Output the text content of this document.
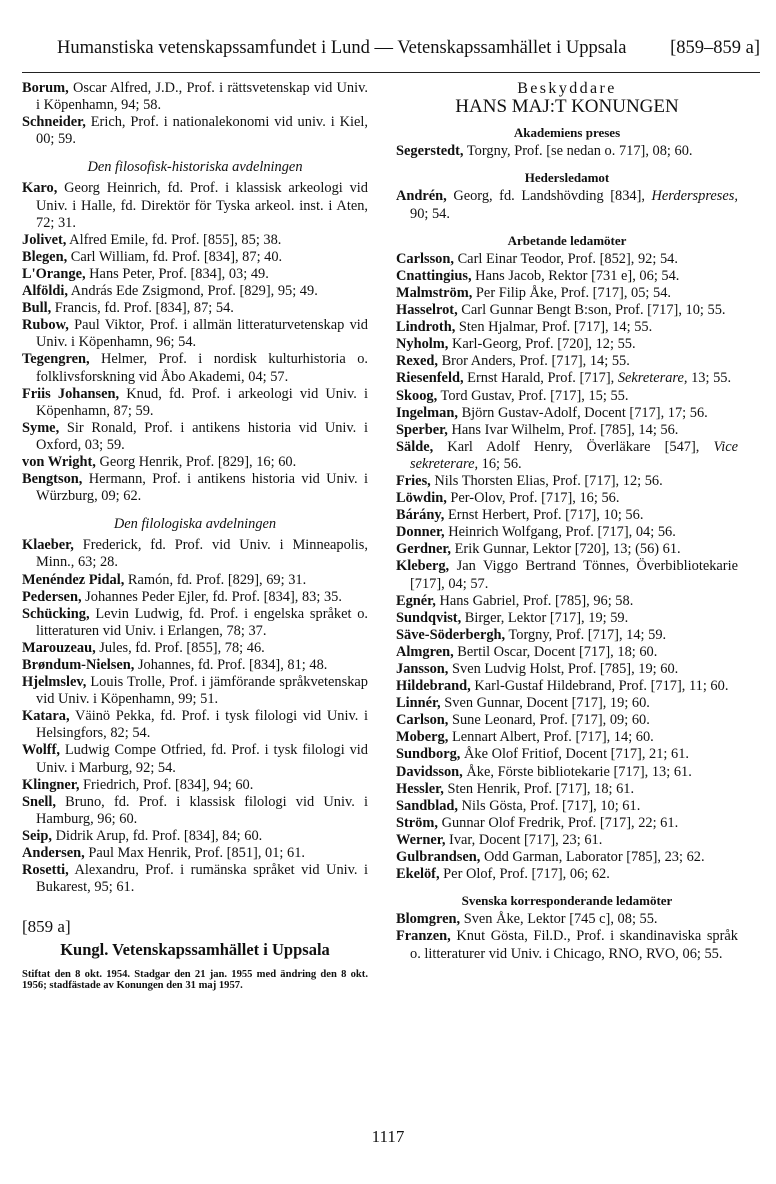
Humanstiska vetenskapssamfundet i Lund — Vetenskapssamhället i Uppsala [859–859 a]
Borum, Oscar Alfred, J.D., Prof. i rättsvetenskap vid Univ. i Köpenhamn, 94; 58.
Schneider, Erich, Prof. i nationalekonomi vid univ. i Kiel, 00; 59.
Den filosofisk-historiska avdelningen
Karo, Georg Heinrich, fd. Prof. i klassisk arkeologi vid Univ. i Halle, fd. Direktör för Tyska arkeol. inst. i Aten, 72; 31.
Jolivet, Alfred Emile, fd. Prof. [855], 85; 38.
Blegen, Carl William, fd. Prof. [834], 87; 40.
L'Orange, Hans Peter, Prof. [834], 03; 49.
Alföldi, András Ede Zsigmond, Prof. [829], 95; 49.
Bull, Francis, fd. Prof. [834], 87; 54.
Rubow, Paul Viktor, Prof. i allmän litteraturvetenskap vid Univ. i Köpenhamn, 96; 54.
Tegengren, Helmer, Prof. i nordisk kulturhistoria o. folklivsforskning vid Åbo Akademi, 04; 57.
Friis Johansen, Knud, fd. Prof. i arkeologi vid Univ. i Köpenhamn, 87; 59.
Syme, Sir Ronald, Prof. i antikens historia vid Univ. i Oxford, 03; 59.
von Wright, Georg Henrik, Prof. [829], 16; 60.
Bengtson, Hermann, Prof. i antikens historia vid Univ. i Würzburg, 09; 62.
Den filologiska avdelningen
Klaeber, Frederick, fd. Prof. vid Univ. i Minneapolis, Minn., 63; 28.
Menéndez Pidal, Ramón, fd. Prof. [829], 69; 31.
Pedersen, Johannes Peder Ejler, fd. Prof. [834], 83; 35.
Schücking, Levin Ludwig, fd. Prof. i engelska språket o. litteraturen vid Univ. i Erlangen, 78; 37.
Marouzeau, Jules, fd. Prof. [855], 78; 46.
Brøndum-Nielsen, Johannes, fd. Prof. [834], 81; 48.
Hjelmslev, Louis Trolle, Prof. i jämförande språkvetenskap vid Univ. i Köpenhamn, 99; 51.
Katara, Väinö Pekka, fd. Prof. i tysk filologi vid Univ. i Helsingfors, 82; 54.
Wolff, Ludwig Compe Otfried, fd. Prof. i tysk filologi vid Univ. i Marburg, 92; 54.
Klingner, Friedrich, Prof. [834], 94; 60.
Snell, Bruno, fd. Prof. i klassisk filologi vid Univ. i Hamburg, 96; 60.
Seip, Didrik Arup, fd. Prof. [834], 84; 60.
Andersen, Paul Max Henrik, Prof. [851], 01; 61.
Rosetti, Alexandru, Prof. i rumänska språket vid Univ. i Bukarest, 95; 61.
[859 a]
Kungl. Vetenskapssamhället i Uppsala
Stiftat den 8 okt. 1954. Stadgar den 21 jan. 1955 med ändring den 8 okt. 1956; stadfästade av Konungen den 31 maj 1957.
Beskyddare
HANS MAJ:T KONUNGEN
Akademiens preses
Segerstedt, Torgny, Prof. [se nedan o. 717], 08; 60.
Hedersledamot
Andrén, Georg, fd. Landshövding [834], Herderspreses, 90; 54.
Arbetande ledamöter
Carlsson, Carl Einar Teodor, Prof. [852], 92; 54.
Cnattingius, Hans Jacob, Rektor [731 e], 06; 54.
Malmström, Per Filip Åke, Prof. [717], 05; 54.
Hasselrot, Carl Gunnar Bengt B:son, Prof. [717], 10; 55.
Lindroth, Sten Hjalmar, Prof. [717], 14; 55.
Nyholm, Karl-Georg, Prof. [720], 12; 55.
Rexed, Bror Anders, Prof. [717], 14; 55.
Riesenfeld, Ernst Harald, Prof. [717], Sekreterare, 13; 55.
Skoog, Tord Gustav, Prof. [717], 15; 55.
Ingelman, Björn Gustav-Adolf, Docent [717], 17; 56.
Sperber, Hans Ivar Wilhelm, Prof. [785], 14; 56.
Sälde, Karl Adolf Henry, Överläkare [547], Vice sekreterare, 16; 56.
Fries, Nils Thorsten Elias, Prof. [717], 12; 56.
Löwdin, Per-Olov, Prof. [717], 16; 56.
Bárány, Ernst Herbert, Prof. [717], 10; 56.
Donner, Heinrich Wolfgang, Prof. [717], 04; 56.
Gerdner, Erik Gunnar, Lektor [720], 13; (56) 61.
Kleberg, Jan Viggo Bertrand Tönnes, Överbibliotekarie [717], 04; 57.
Egnér, Hans Gabriel, Prof. [785], 96; 58.
Sundqvist, Birger, Lektor [717], 19; 59.
Säve-Söderbergh, Torgny, Prof. [717], 14; 59.
Almgren, Bertil Oscar, Docent [717], 18; 60.
Jansson, Sven Ludvig Holst, Prof. [785], 19; 60.
Hildebrand, Karl-Gustaf Hildebrand, Prof. [717], 11; 60.
Linnér, Sven Gunnar, Docent [717], 19; 60.
Carlson, Sune Leonard, Prof. [717], 09; 60.
Moberg, Lennart Albert, Prof. [717], 14; 60.
Sundborg, Åke Olof Fritiof, Docent [717], 21; 61.
Davidsson, Åke, Förste bibliotekarie [717], 13; 61.
Hessler, Sten Henrik, Prof. [717], 18; 61.
Sandblad, Nils Gösta, Prof. [717], 10; 61.
Ström, Gunnar Olof Fredrik, Prof. [717], 22; 61.
Werner, Ivar, Docent [717], 23; 61.
Gulbrandsen, Odd Garman, Laborator [785], 23; 62.
Ekelöf, Per Olof, Prof. [717], 06; 62.
Svenska korresponderande ledamöter
Blomgren, Sven Åke, Lektor [745 c], 08; 55.
Franzen, Knut Gösta, Fil.D., Prof. i skandinaviska språk o. litteraturer vid Univ. i Chicago, RNO, RVO, 06; 55.
1117
